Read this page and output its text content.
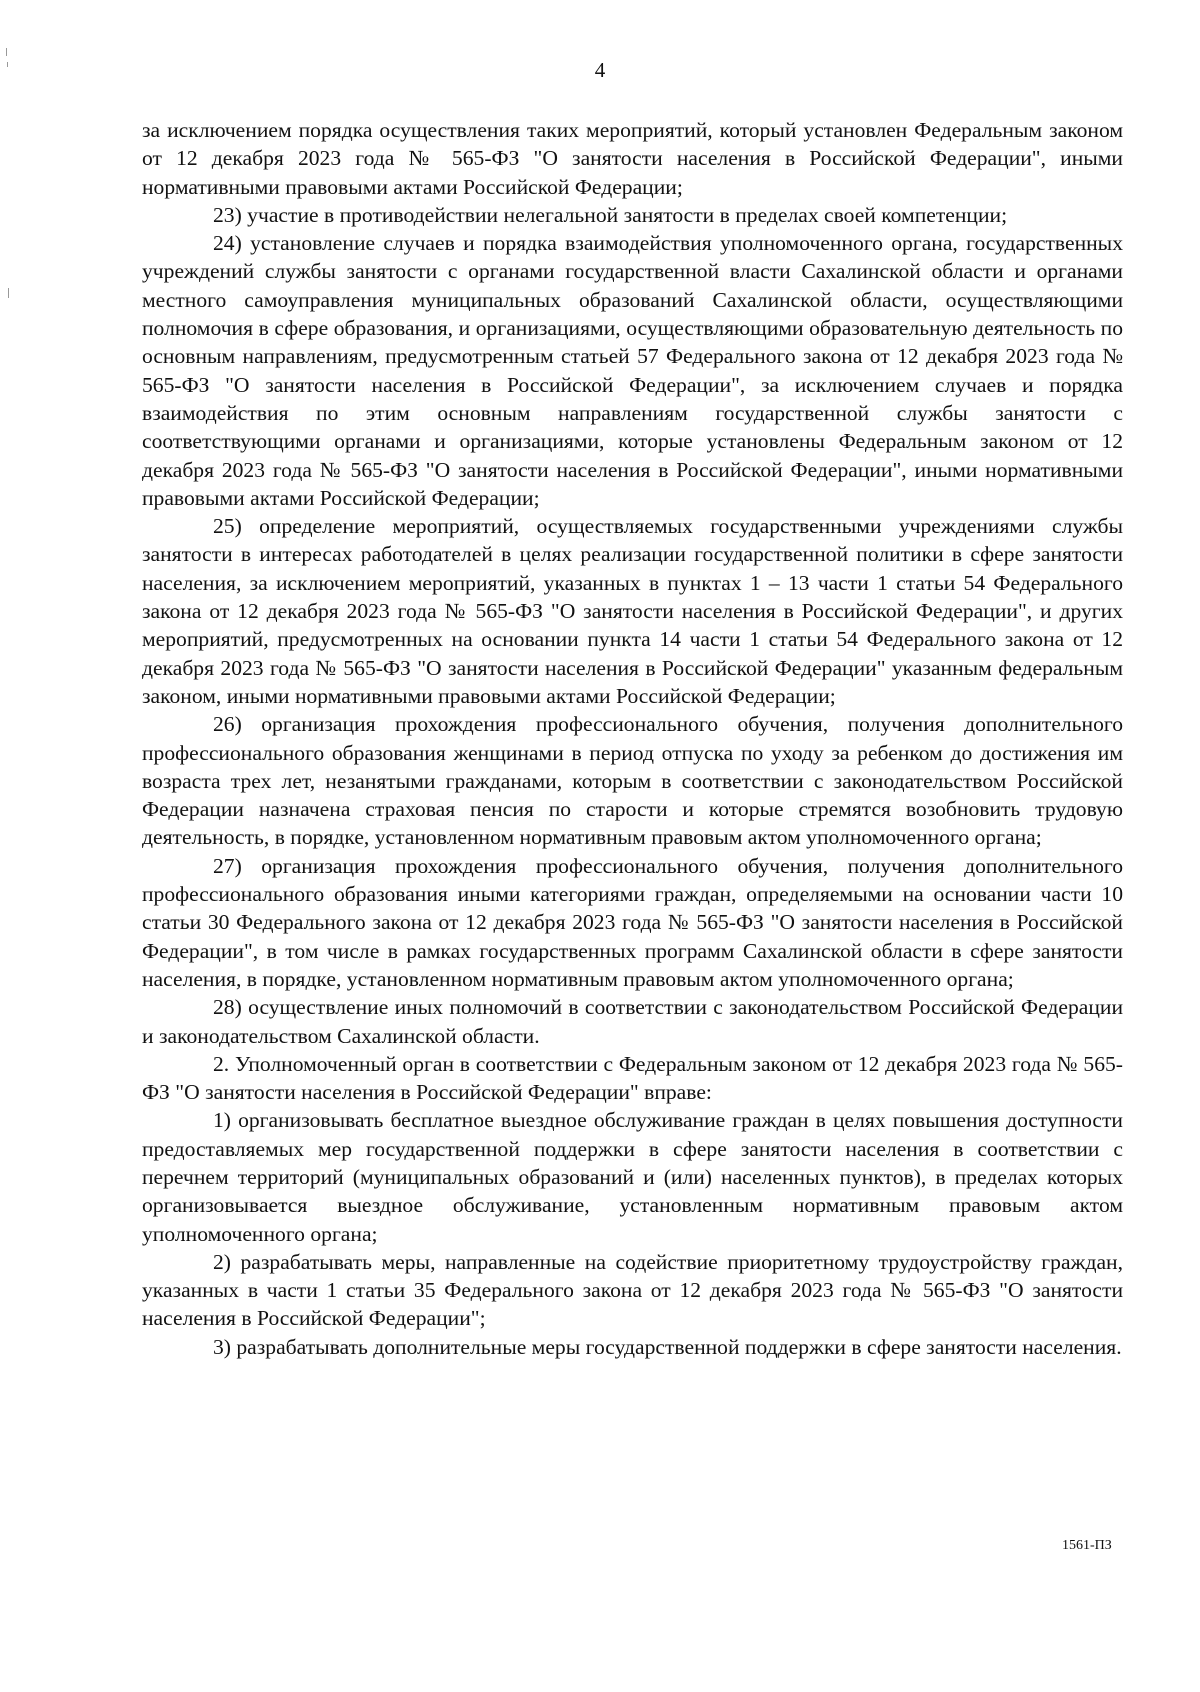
4

за исключением порядка осуществления таких мероприятий, который установлен Федеральным законом от 12 декабря 2023 года № 565-ФЗ "О занятости населения в Российской Федерации", иными нормативными правовыми актами Российской Федерации;

23) участие в противодействии нелегальной занятости в пределах своей компетенции;

24) установление случаев и порядка взаимодействия уполномоченного органа, государственных учреждений службы занятости с органами государственной власти Сахалинской области и органами местного самоуправления муниципальных образований Сахалинской области, осуществляющими полномочия в сфере образования, и организациями, осуществляющими образовательную деятельность по основным направлениям, предусмотренным статьей 57 Федерального закона от 12 декабря 2023 года № 565-ФЗ "О занятости населения в Российской Федерации", за исключением случаев и порядка взаимодействия по этим основным направлениям государственной службы занятости с соответствующими органами и организациями, которые установлены Федеральным законом от 12 декабря 2023 года № 565-ФЗ "О занятости населения в Российской Федерации", иными нормативными правовыми актами Российской Федерации;

25) определение мероприятий, осуществляемых государственными учреждениями службы занятости в интересах работодателей в целях реализации государственной политики в сфере занятости населения, за исключением мероприятий, указанных в пунктах 1 – 13 части 1 статьи 54 Федерального закона от 12 декабря 2023 года № 565-ФЗ "О занятости населения в Российской Федерации", и других мероприятий, предусмотренных на основании пункта 14 части 1 статьи 54 Федерального закона от 12 декабря 2023 года № 565-ФЗ "О занятости населения в Российской Федерации" указанным федеральным законом, иными нормативными правовыми актами Российской Федерации;

26) организация прохождения профессионального обучения, получения дополнительного профессионального образования женщинами в период отпуска по уходу за ребенком до достижения им возраста трех лет, незанятыми гражданами, которым в соответствии с законодательством Российской Федерации назначена страховая пенсия по старости и которые стремятся возобновить трудовую деятельность, в порядке, установленном нормативным правовым актом уполномоченного органа;

27) организация прохождения профессионального обучения, получения дополнительного профессионального образования иными категориями граждан, определяемыми на основании части 10 статьи 30 Федерального закона от 12 декабря 2023 года № 565-ФЗ "О занятости населения в Российской Федерации", в том числе в рамках государственных программ Сахалинской области в сфере занятости населения, в порядке, установленном нормативным правовым актом уполномоченного органа;

28) осуществление иных полномочий в соответствии с законодательством Российской Федерации и законодательством Сахалинской области.

2. Уполномоченный орган в соответствии с Федеральным законом от 12 декабря 2023 года № 565-ФЗ "О занятости населения в Российской Федерации" вправе:

1) организовывать бесплатное выездное обслуживание граждан в целях повышения доступности предоставляемых мер государственной поддержки в сфере занятости населения в соответствии с перечнем территорий (муниципальных образований и (или) населенных пунктов), в пределах которых организовывается выездное обслуживание, установленным нормативным правовым актом уполномоченного органа;

2) разрабатывать меры, направленные на содействие приоритетному трудоустройству граждан, указанных в части 1 статьи 35 Федерального закона от 12 декабря 2023 года № 565-ФЗ "О занятости населения в Российской Федерации";

3) разрабатывать дополнительные меры государственной поддержки в сфере занятости населения.

1561-ПЗ
